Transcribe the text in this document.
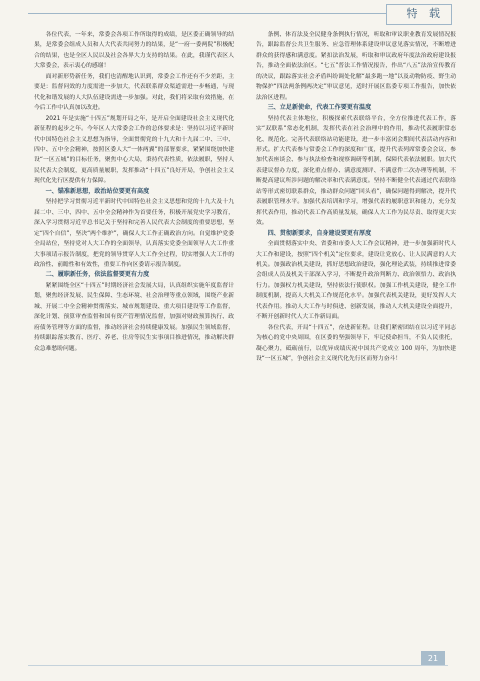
特 载

各位代表，一年来，常委会各项工作所取得的成绩，是区委正确领导的结果，是常委会组成人员和人大代表共同努力的结果，是“一府一委两院”积极配合的结果，也是全区人民以及社会各界大力支持的结果。在此，我谨代表区人大常委会，表示衷心的感谢！

面对新形势新任务，我们也清醒地认识到，常委会工作还有不少差距，主要是：监督问效的力度需进一步加大，代表联系群众渠道需进一步畅通，与现代化和谐发展的人大队伍建设需进一步加强。对此，我们将采取有效措施，在今后工作中认真加以改进。

2021 年是实施“十四五”规划开局之年，是开启全面建设社会主义现代化新征程的起步之年。今年区人大常委会工作的总体要求是：坚持以习近平新时代中国特色社会主义思想为指导，全面贯彻党的十九大和十九届二中、三中、四中、五中全会精神，按照区委人大“一体两翼”的部署要求，紧紧围绕加快建设“一区五城”的目标任务，聚焦中心大局，秉持代表性质，依法履职，坚持人民代表大会制度，更高质量履职，发挥推动“十四五”良好开局，争创社会主义现代化先行区提供有力保障。

一、锚准新思想，政治站位要更有高度

坚持把学习贯彻习近平新时代中国特色社会主义思想和党的十九大及十九届二中、三中、四中、五中全会精神作为首要任务，积极开展党史学习教育，深入学习贯彻习近平总书记关于坚持和完善人民代表大会制度的重要思想，坚定“四个自信”，坚决“两个维护”，确保人大工作正确政治方向。自觉维护党委全局站位，坚持党对人大工作的全面领导，认真落实党委全面领导人大工作重大事项请示报告制度，把党的领导贯穿人大工作全过程，切实增强人大工作的政治性、前瞻性和有效性，重要工作向区委请示报告制度。

二、履职新任务，依法监督要更有力度

紧紧围绕全区“十四五”时期经济社会发展大局，认真组织实施年度监督计划，聚焦经济发展、民生保障、生态环境、社会治理等重点领域，围绕产业新城、开展二中全会精神贯彻落实、城市规划建设、重大项目建设等工作监督，深化计划、预算审查监督和国有资产管理情况监督，加强对财政预算执行、政府债务管理等方面的监督，推动经济社会持续健康发展。加强民生领域监督，持续跟踪落实教育、医疗、养老、住房等民生实事项目推进情况，推动解决群众急难愁盼问题。

条例、体育法及全民健身条例执行情况，听取和审议职业教育发展情况报告，跟踪监督公共卫生服务、应急管理体系建设审议意见落实情况，不断增进群众的获得感和满意度。紧扣法治发展，听取和审议政府年度法治政府建设报告，推动全面依法治区。“七五”普法工作情况报告，作出“八五”法治宣传教育的决议，跟踪落实社会矛盾纠纷调处化解“最多跑一地”以及动物防疫、野生动物保护“四法两条例两决定”审议意见，适时开展区监委专项工作报告，加快依法治区进程。

三、立足新使命，代表工作要更有温度

坚持代表主体地位，积极探索代表联络平台，全方位推进代表工作，落实“双联系”常态化机制，发挥代表在社会治理中的作用，推动代表履职常态化、规范化。完善代表联络站功能建设，进一步丰富闭会期间代表活动内容和形式。扩大代表参与常委会工作的深度和广度，提升代表列席常委会会议、参加代表座谈会、参与执法检查和视察调研等机制，保障代表依法履职。加大代表建议督办力度，深化重点督办、满意度测评、不满意件二次办理等机制，不断提高建议所涉问题的解决率和代表满意度。坚持不断健全代表通过代表联络站等形式密切联系群众，推动群众问题“回头看”，确保问题得到解决，提升代表履职管理水平。加强代表培训和学习，增强代表的履职意识和能力，充分发挥代表作用，推动代表工作高质量发展，确保人大工作为民尽责、取得更大实效。

四、贯彻新要求，自身建设要更有厚度

全面贯彻落实中央、省委和市委人大工作会议精神，进一步加强新时代人大工作和建设，按照“四个机关”定位要求，建设让党放心、让人民满意的人大机关。加强政治机关建设，抓好思想政治建设，强化理论武装，持续推进常委会组成人员及机关干部深入学习，不断提升政治判断力、政治领悟力、政治执行力。加强权力机关建设，坚持依法行使职权。加强工作机关建设，健全工作制度机制，提高人大机关工作规范化水平。加强代表机关建设，更好发挥人大代表作用。推动人大工作与时俱进、创新发展，推动人大机关建设全面提升，不断开创新时代人大工作新局面。

各位代表，开局“十四五”，奋进新征程。让我们紧密团结在以习近平同志为核心的党中央周围，在区委的坚强领导下，牢记使命担当，不负人民重托，凝心聚力，砥砺前行，以优异成绩庆祝中国共产党成立 100 周年，为加快建设“一区五城”，争创社会主义现代化先行区而努力奋斗！

21
